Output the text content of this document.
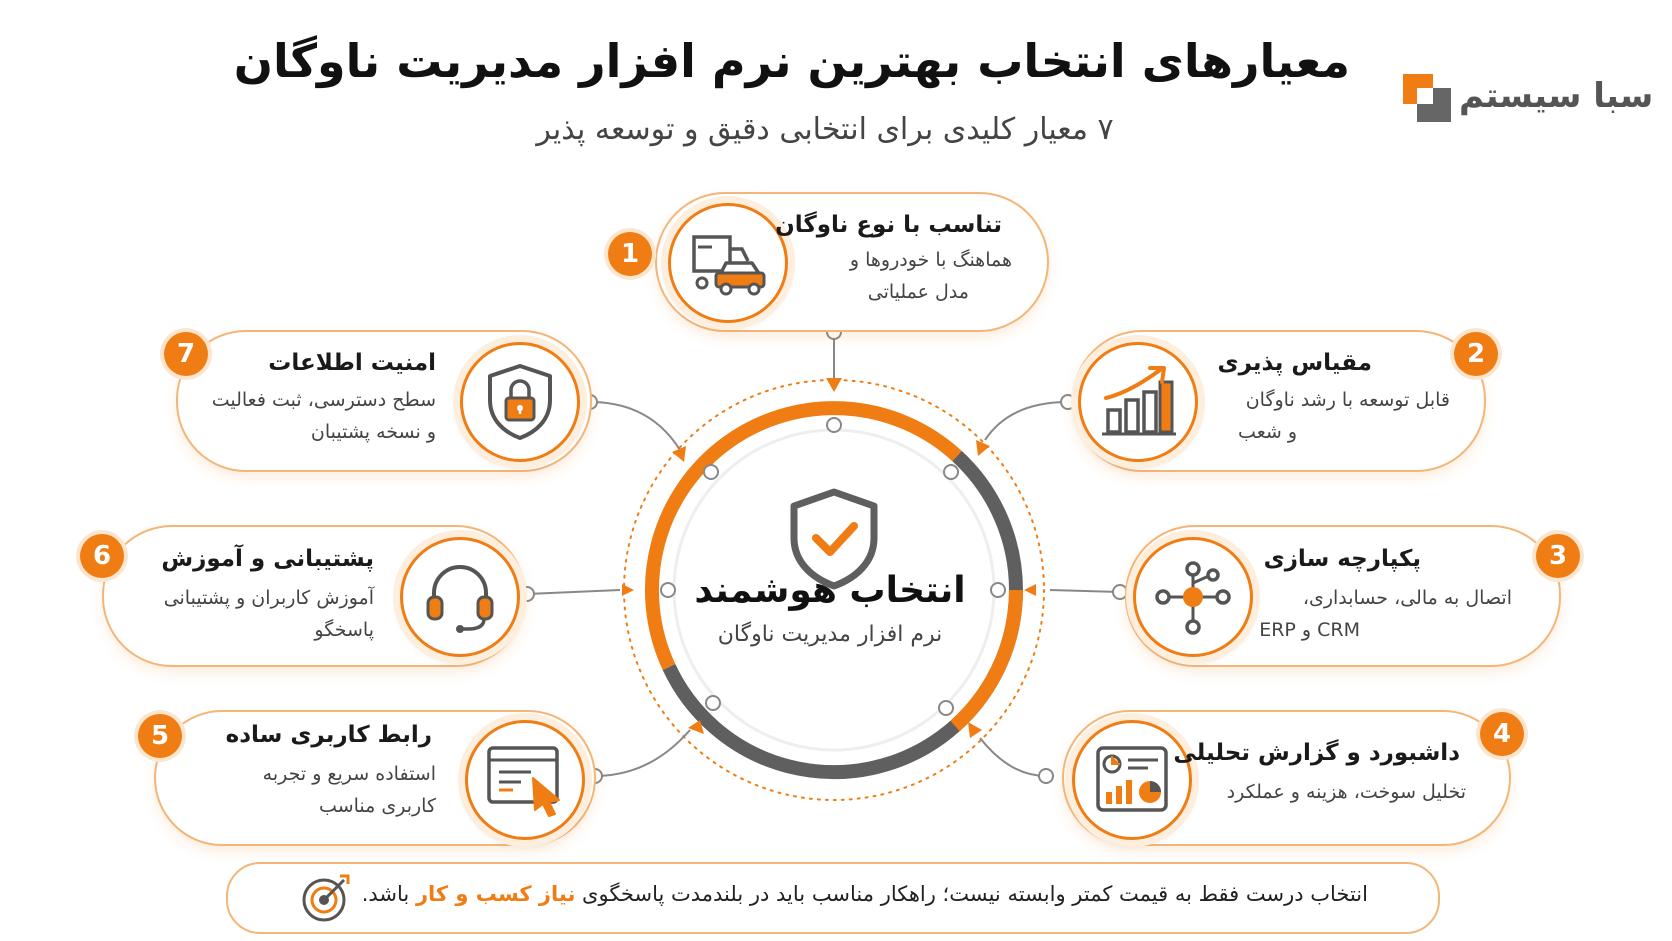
سبا سیستم
معیارهای انتخاب بهترین نرم افزار مدیریت ناوگان
۷ معیار کلیدی برای انتخابی دقیق و توسعه پذیر
انتخاب هوشمند
نرم افزار مدیریت ناوگان
1
تناسب با نوع ناوگان
هماهنگ با خودروها و
مدل عملیاتی
2
مقیاس پذیری
قابل توسعه با رشد ناوگان
و شعب
3
پکپارچه سازی
اتصال به مالی، حسابداری،
ERP و CRM
4
داشبورد و گزارش تحلیلی
تخلیل سوخت، هزینه و عملکرد
5	رابط کاربری ساده
استفاده سریع و تجربه
کاربری مناسب
6	پشتیبانی و آموزش
آموزش کاربران و پشتیبانی
پاسخگو
7	امنیت اطلاعات
سطح دسترسی، ثبت فعالیت
و نسخه پشتیبان
انتخاب درست فقط به قیمت کمتر وابسته نیست؛ راهکار مناسب باید در بلندمدت پاسخگوی نیاز کسب و کار باشد.
